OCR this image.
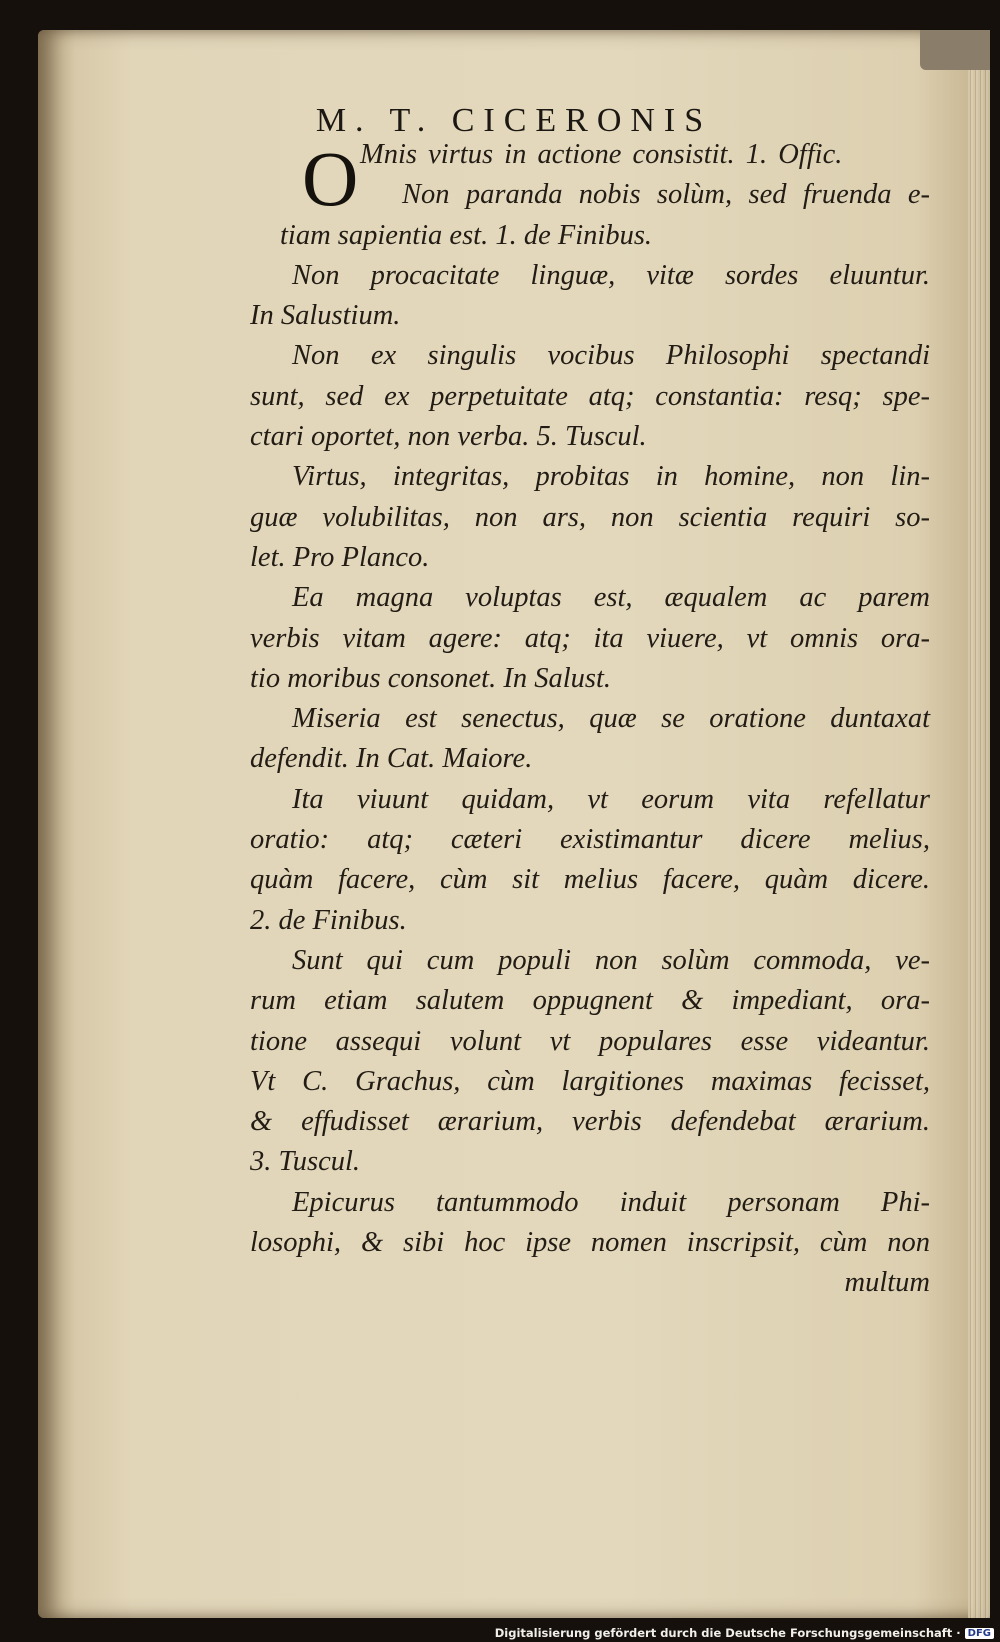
M. T. CICERONIS
O Mnis virtus in actione consistit. 1. Offic.
Non paranda nobis solùm, sed fruenda e-
tiam sapientia est. 1. de Finibus.
Non procacitate linguæ, vitæ sordes eluuntur.
In Salustium.
Non ex singulis vocibus Philosophi spectandi
sunt, sed ex perpetuitate atq; constantia: resq; spe-
ctari oportet, non verba. 5. Tuscul.
Virtus, integritas, probitas in homine, non lin-
guæ volubilitas, non ars, non scientia requiri so-
let. Pro Planco.
Ea magna voluptas est, æqualem ac parem
verbis vitam agere: atq; ita viuere, vt omnis ora-
tio moribus consonet. In Salust.
Miseria est senectus, quæ se oratione duntaxat
defendit. In Cat. Maiore.
Ita viuunt quidam, vt eorum vita refellatur
oratio: atq; cæteri existimantur dicere melius,
quàm facere, cùm sit melius facere, quàm dicere.
2. de Finibus.
Sunt qui cum populi non solùm commoda, ve-
rum etiam salutem oppugnent & impediant, ora-
tione assequi volunt vt populares esse videantur.
Vt C. Grachus, cùm largitiones maximas fecisset,
& effudisset ærarium, verbis defendebat ærarium.
3. Tuscul.
Epicurus tantummodo induit personam Phi-
losophi, & sibi hoc ipse nomen inscripsit, cùm non
multum
Digitalisierung gefördert durch die Deutsche Forschungsgemeinschaft · DFG
